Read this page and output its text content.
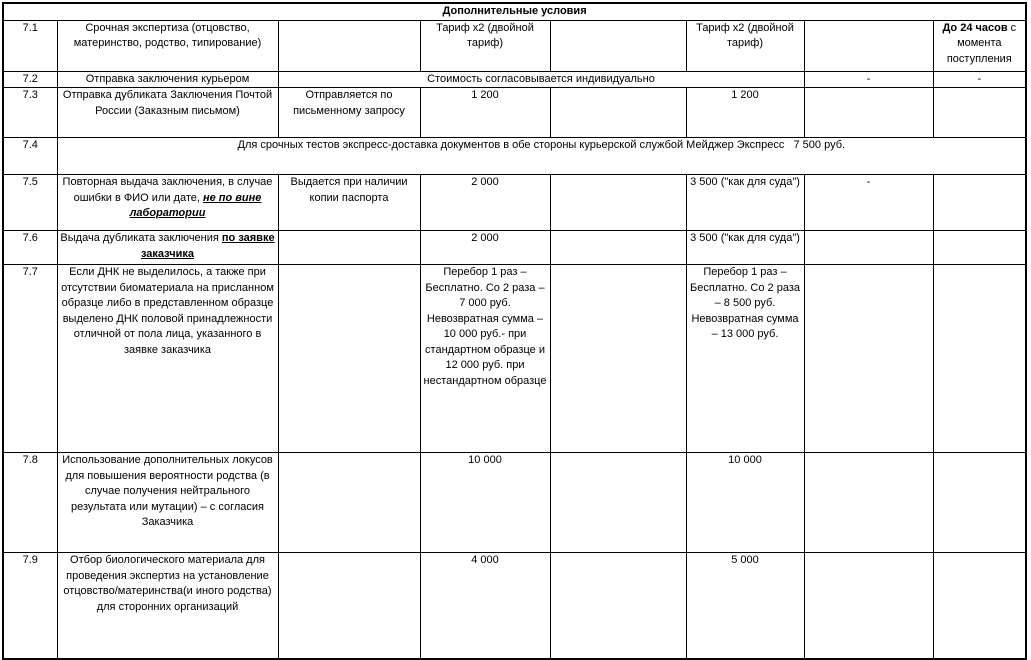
Дополнительные условия							
7.1	Срочная экспертиза (отцовство, материнство, родство, типирование)		Тариф х2 (двойной тариф)		Тариф х2 (двойной тариф)		До 24 часов с момента поступления
7.2	Отправка заключения курьером	Стоимость согласовывается индивидуально				-	-
7.3	Отправка дубликата Заключения Почтой России (Заказным письмом)	Отправляется по письменному запросу	1 200		1 200		
7.4	Для срочных тестов экспресс-доставка документов в обе стороны курьерской службой Мейджер Экспресс   7 500 руб.						
7.5	Повторная выдача заключения, в случае ошибки в ФИО или дате, не по вине лаборатории	Выдается при наличии копии паспорта	2 000		3 500 ("как для суда")	-	
7.6	Выдача дубликата заключения по заявке заказчика		2 000		3 500 ("как для суда")		
7.7	Если ДНК не выделилось, а также при отсутствии биоматериала на присланном образце либо в представленном образце выделено ДНК половой принадлежности отличной от пола лица, указанного в заявке заказчика		Перебор 1 раз – Бесплатно. Со 2 раза – 7 000 руб. Невозвратная сумма – 10 000 руб.- при стандартном образце и 12 000 руб. при нестандартном образце		Перебор 1 раз – Бесплатно. Со 2 раза – 8 500 руб. Невозвратная сумма – 13 000 руб.		
7.8	Использование дополнительных локусов для повышения вероятности родства (в случае получения нейтрального результата или мутации) – с согласия Заказчика		10 000		10 000		
7.9	Отбор биологического материала для проведения экспертиз на установление отцовство/материнства(и иного родства) для сторонних организаций		4 000		5 000		
